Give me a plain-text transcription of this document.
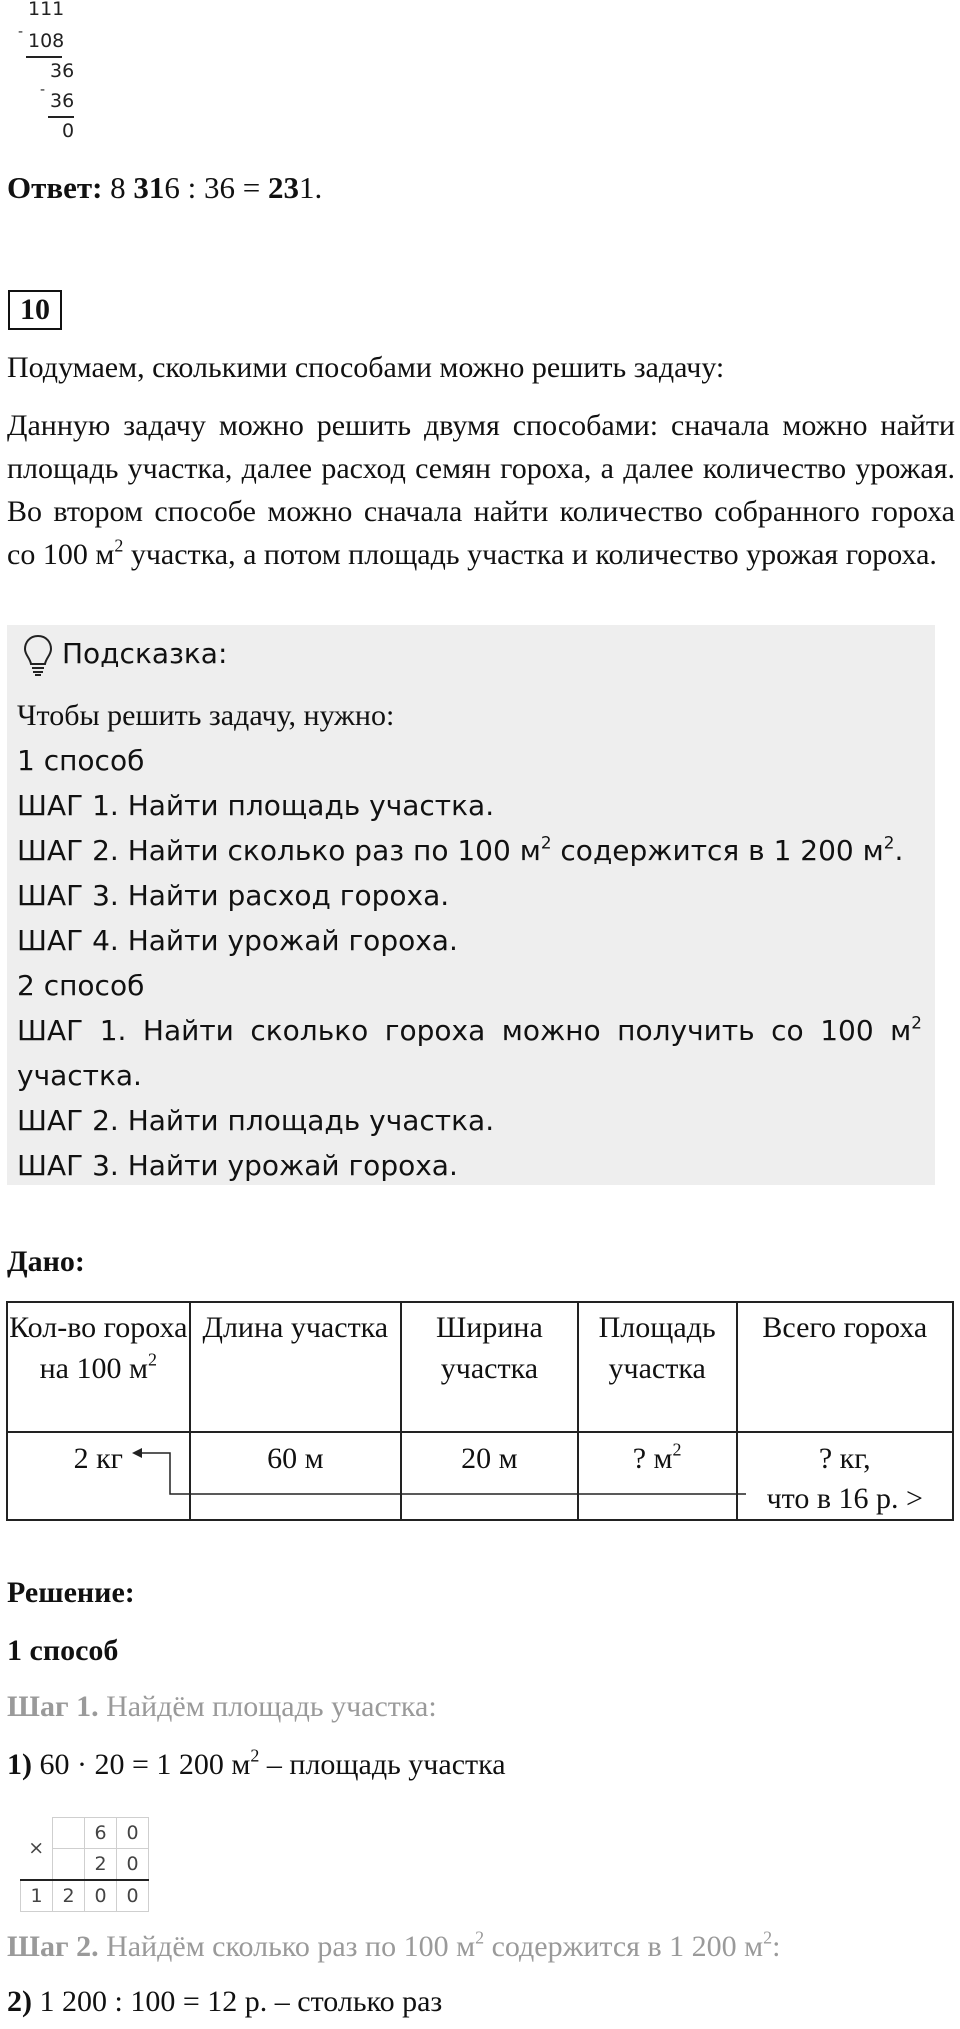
111
- 108
36
- 36
0
Ответ: 8 316 : 36 = 231.
10
Подумаем, сколькими способами можно решить задачу:
Данную задачу можно решить двумя способами: сначала можно найти площадь участка, далее расход семян гороха, а далее количество урожая. Во втором способе можно сначала найти количество собранного гороха со 100 $м^2$ участка, а потом площадь участка и количество урожая гороха.
Подсказка:
Чтобы решить задачу, нужно:
1 способ
ШАГ 1. Найти площадь участка.
ШАГ 2. Найти сколько раз по 100 $м^2$ содержится в 1 200 $м^2$.
ШАГ 3. Найти расход гороха.
ШАГ 4. Найти урожай гороха.
2 способ
ШАГ 1. Найти сколько гороха можно получить со 100 $м^2$
участка.
ШАГ 2. Найти площадь участка.
ШАГ 3. Найти урожай гороха.
Дано:
Кол-во гороха на 100 $м^2$	Длина участка	Ширина участка	Площадь участка	Всего гороха
2 кг	60 м	20 м	? $м^2$	? кг,
что в 16 р. >
Решение:
1 способ
Шаг 1. Найдём площадь участка:
1) 60 · 20 = 1 200 $м^2$ – площадь участка
×		6	0
		2	0
1	2	0	0
Шаг 2. Найдём сколько раз по 100 $м^2$ содержится в 1 200 $м^2$:
2) 1 200 : 100 = 12 р. – столько раз
